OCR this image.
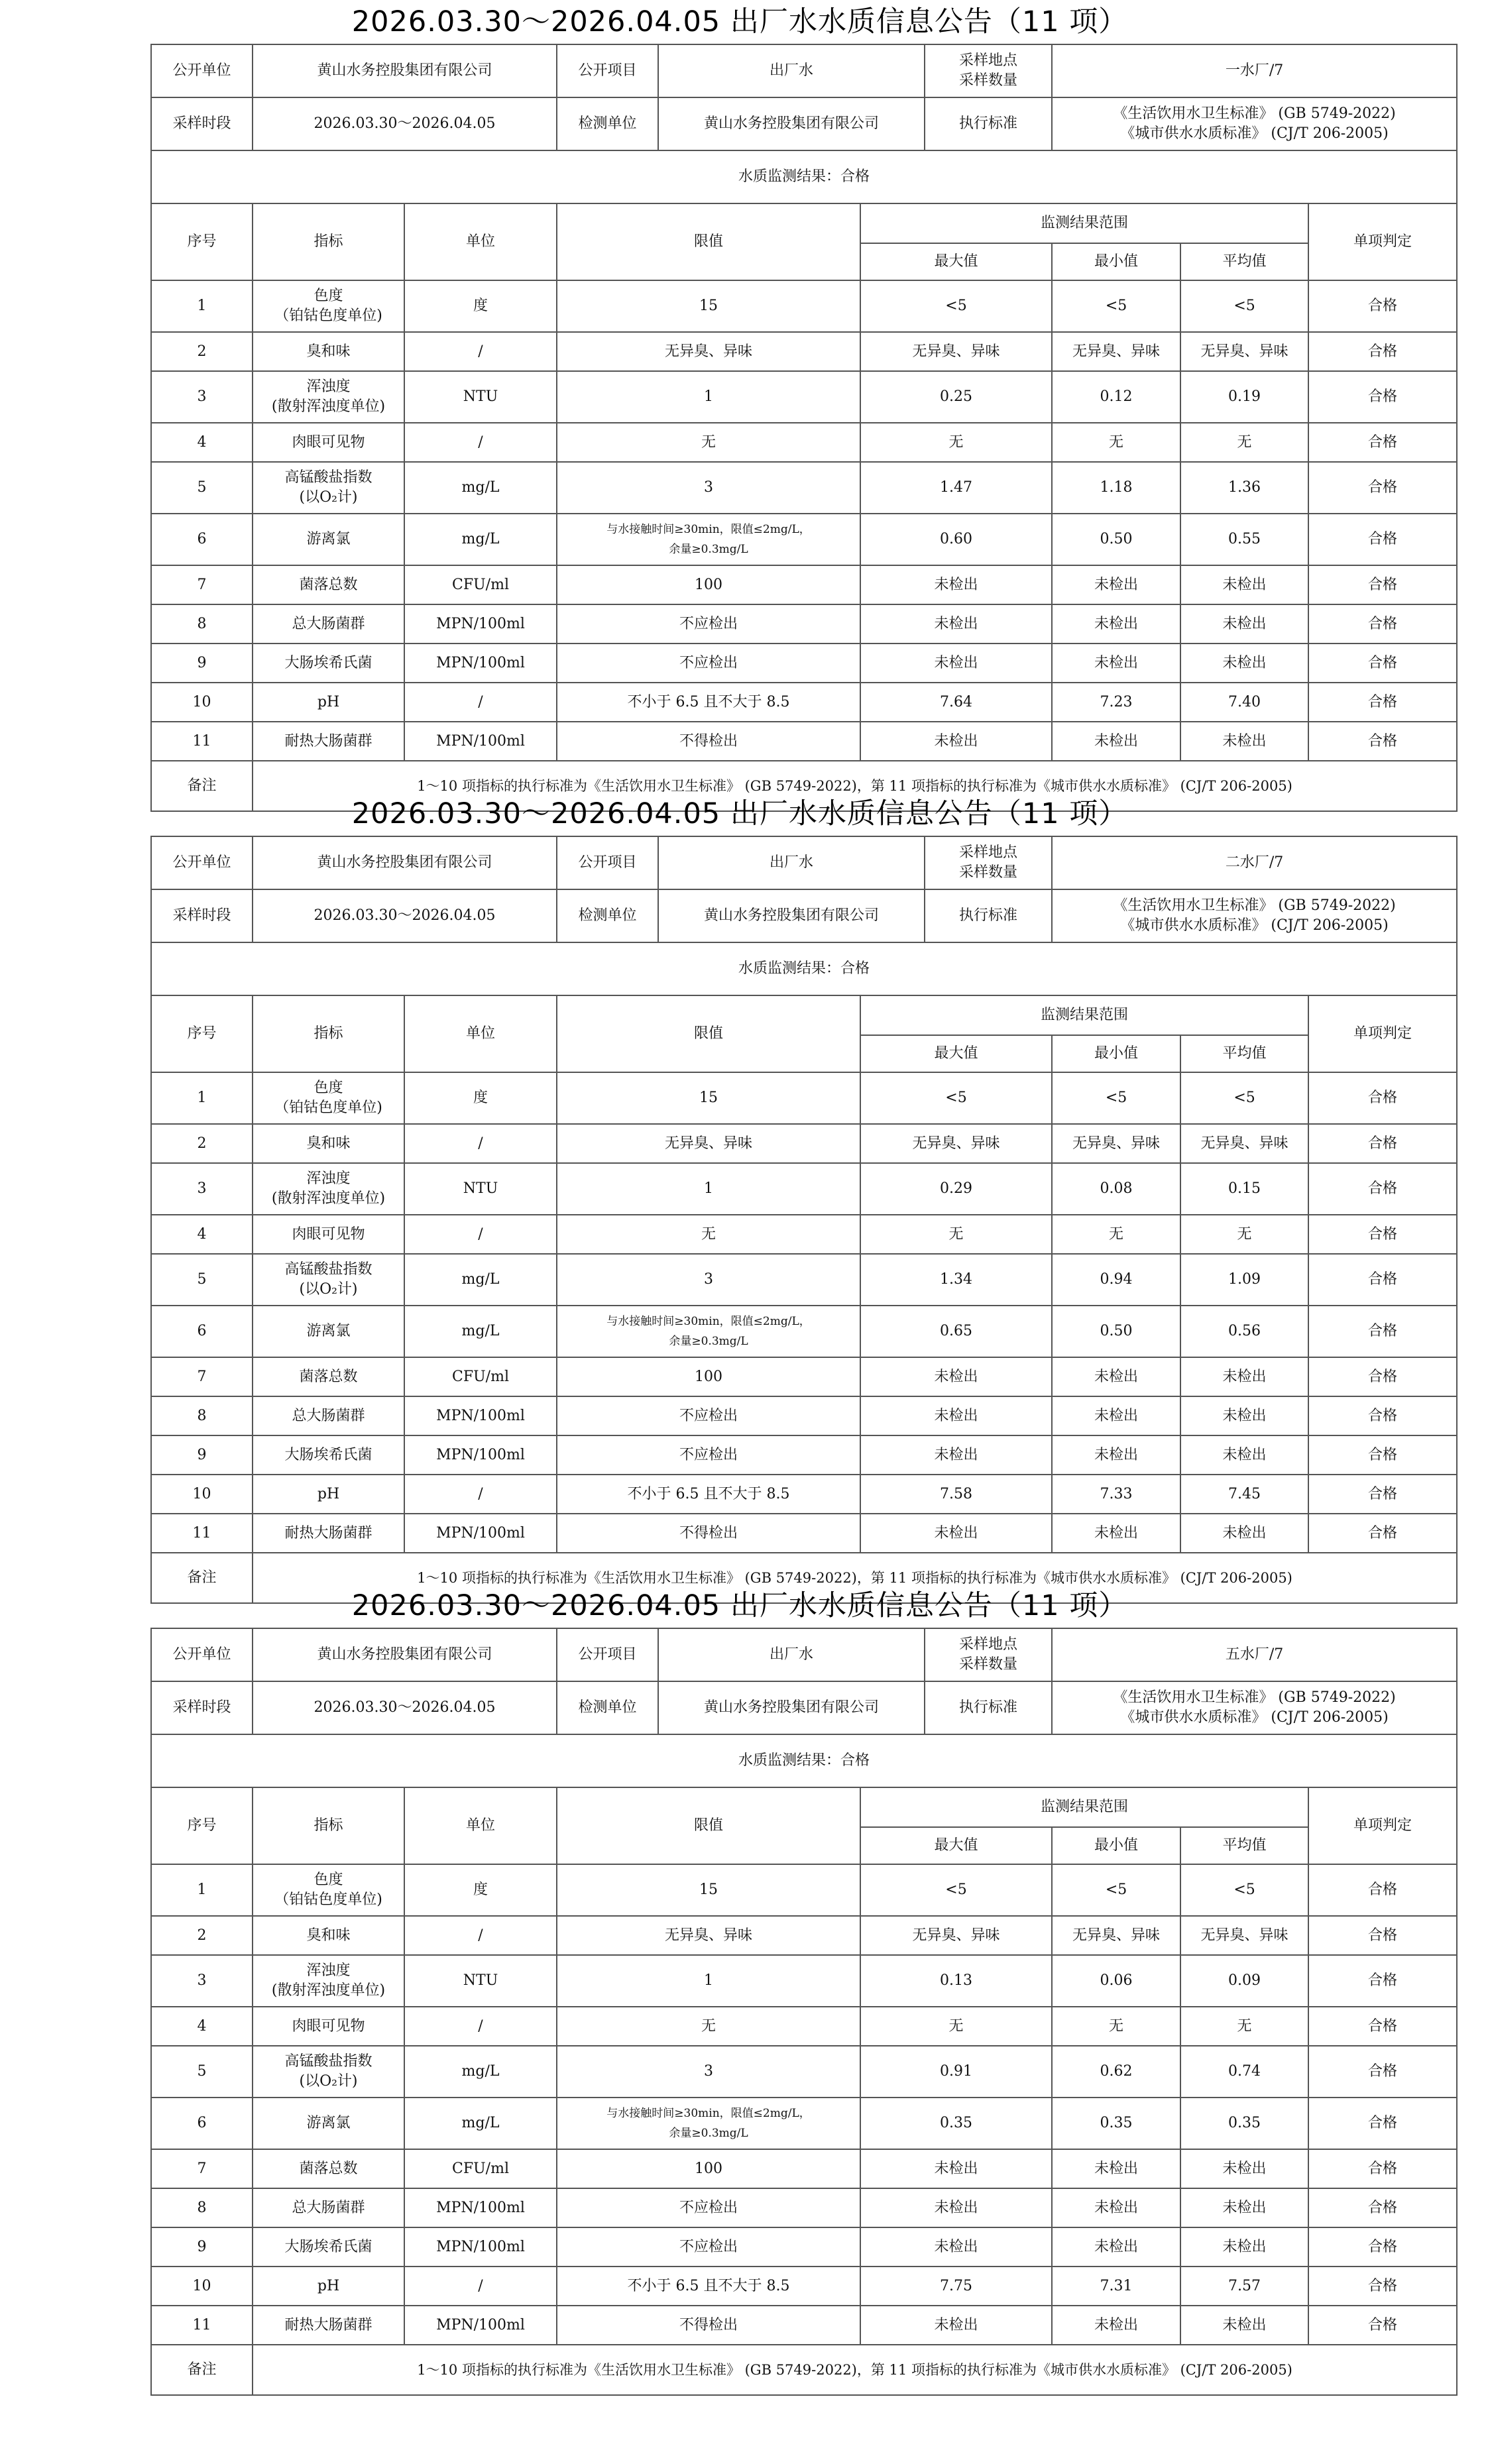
2026.03.30～2026.04.05 出厂水水质信息公告（11 项）
公开单位	黄山水务控股集团有限公司		公开项目	出厂水		采样地点
采样数量	一水厂/7		
采样时段	2026.03.30～2026.04.05		检测单位	黄山水务控股集团有限公司		执行标准	《生活饮用水卫生标准》 (GB 5749-2022)
《城市供水水质标准》 (CJ/T 206-2005)		

水质监测结果：合格									
序号	指标	单位	限值		监测结果范围				单项判定
					最大值		最小值	平均值	
1	色度
（铂钴色度单位)	度	15		<5		<5	<5	合格
2	臭和味	/	无异臭、异味		无异臭、异味		无异臭、异味	无异臭、异味	合格
3	浑浊度
(散射浑浊度单位)	NTU	1		0.25		0.12	0.19	合格
4	肉眼可见物	/	无		无		无	无	合格
5	高锰酸盐指数
(以O₂计)	mg/L	3		1.47		1.18	1.36	合格
6	游离氯	mg/L	与水接触时间≥30min，限值≤2mg/L，
余量≥0.3mg/L		0.60		0.50	0.55	合格
7	菌落总数	CFU/ml	100		未检出		未检出	未检出	合格
8	总大肠菌群	MPN/100ml	不应检出		未检出		未检出	未检出	合格
9	大肠埃希氏菌	MPN/100ml	不应检出		未检出		未检出	未检出	合格
10	pH	/	不小于 6.5 且不大于 8.5		7.64		7.23	7.40	合格
11	耐热大肠菌群	MPN/100ml	不得检出		未检出		未检出	未检出	合格
备注	1～10 项指标的执行标准为《生活饮用水卫生标准》 (GB 5749-2022)，第 11 项指标的执行标准为《城市供水水质标准》 (CJ/T 206-2005)								
2026.03.30～2026.04.05 出厂水水质信息公告（11 项）
公开单位	黄山水务控股集团有限公司		公开项目	出厂水		采样地点
采样数量	二水厂/7		
采样时段	2026.03.30～2026.04.05		检测单位	黄山水务控股集团有限公司		执行标准	《生活饮用水卫生标准》 (GB 5749-2022)
《城市供水水质标准》 (CJ/T 206-2005)		

水质监测结果：合格									
序号	指标	单位	限值		监测结果范围				单项判定
					最大值		最小值	平均值	
1	色度
（铂钴色度单位)	度	15		<5		<5	<5	合格
2	臭和味	/	无异臭、异味		无异臭、异味		无异臭、异味	无异臭、异味	合格
3	浑浊度
(散射浑浊度单位)	NTU	1		0.29		0.08	0.15	合格
4	肉眼可见物	/	无		无		无	无	合格
5	高锰酸盐指数
(以O₂计)	mg/L	3		1.34		0.94	1.09	合格
6	游离氯	mg/L	与水接触时间≥30min，限值≤2mg/L，
余量≥0.3mg/L		0.65		0.50	0.56	合格
7	菌落总数	CFU/ml	100		未检出		未检出	未检出	合格
8	总大肠菌群	MPN/100ml	不应检出		未检出		未检出	未检出	合格
9	大肠埃希氏菌	MPN/100ml	不应检出		未检出		未检出	未检出	合格
10	pH	/	不小于 6.5 且不大于 8.5		7.58		7.33	7.45	合格
11	耐热大肠菌群	MPN/100ml	不得检出		未检出		未检出	未检出	合格
备注	1～10 项指标的执行标准为《生活饮用水卫生标准》 (GB 5749-2022)，第 11 项指标的执行标准为《城市供水水质标准》 (CJ/T 206-2005)								
2026.03.30～2026.04.05 出厂水水质信息公告（11 项）
公开单位	黄山水务控股集团有限公司		公开项目	出厂水		采样地点
采样数量	五水厂/7		
采样时段	2026.03.30～2026.04.05		检测单位	黄山水务控股集团有限公司		执行标准	《生活饮用水卫生标准》 (GB 5749-2022)
《城市供水水质标准》 (CJ/T 206-2005)		

水质监测结果：合格									
序号	指标	单位	限值		监测结果范围				单项判定
					最大值		最小值	平均值	
1	色度
（铂钴色度单位)	度	15		<5		<5	<5	合格
2	臭和味	/	无异臭、异味		无异臭、异味		无异臭、异味	无异臭、异味	合格
3	浑浊度
(散射浑浊度单位)	NTU	1		0.13		0.06	0.09	合格
4	肉眼可见物	/	无		无		无	无	合格
5	高锰酸盐指数
(以O₂计)	mg/L	3		0.91		0.62	0.74	合格
6	游离氯	mg/L	与水接触时间≥30min，限值≤2mg/L，
余量≥0.3mg/L		0.35		0.35	0.35	合格
7	菌落总数	CFU/ml	100		未检出		未检出	未检出	合格
8	总大肠菌群	MPN/100ml	不应检出		未检出		未检出	未检出	合格
9	大肠埃希氏菌	MPN/100ml	不应检出		未检出		未检出	未检出	合格
10	pH	/	不小于 6.5 且不大于 8.5		7.75		7.31	7.57	合格
11	耐热大肠菌群	MPN/100ml	不得检出		未检出		未检出	未检出	合格
备注	1～10 项指标的执行标准为《生活饮用水卫生标准》 (GB 5749-2022)，第 11 项指标的执行标准为《城市供水水质标准》 (CJ/T 206-2005)								
